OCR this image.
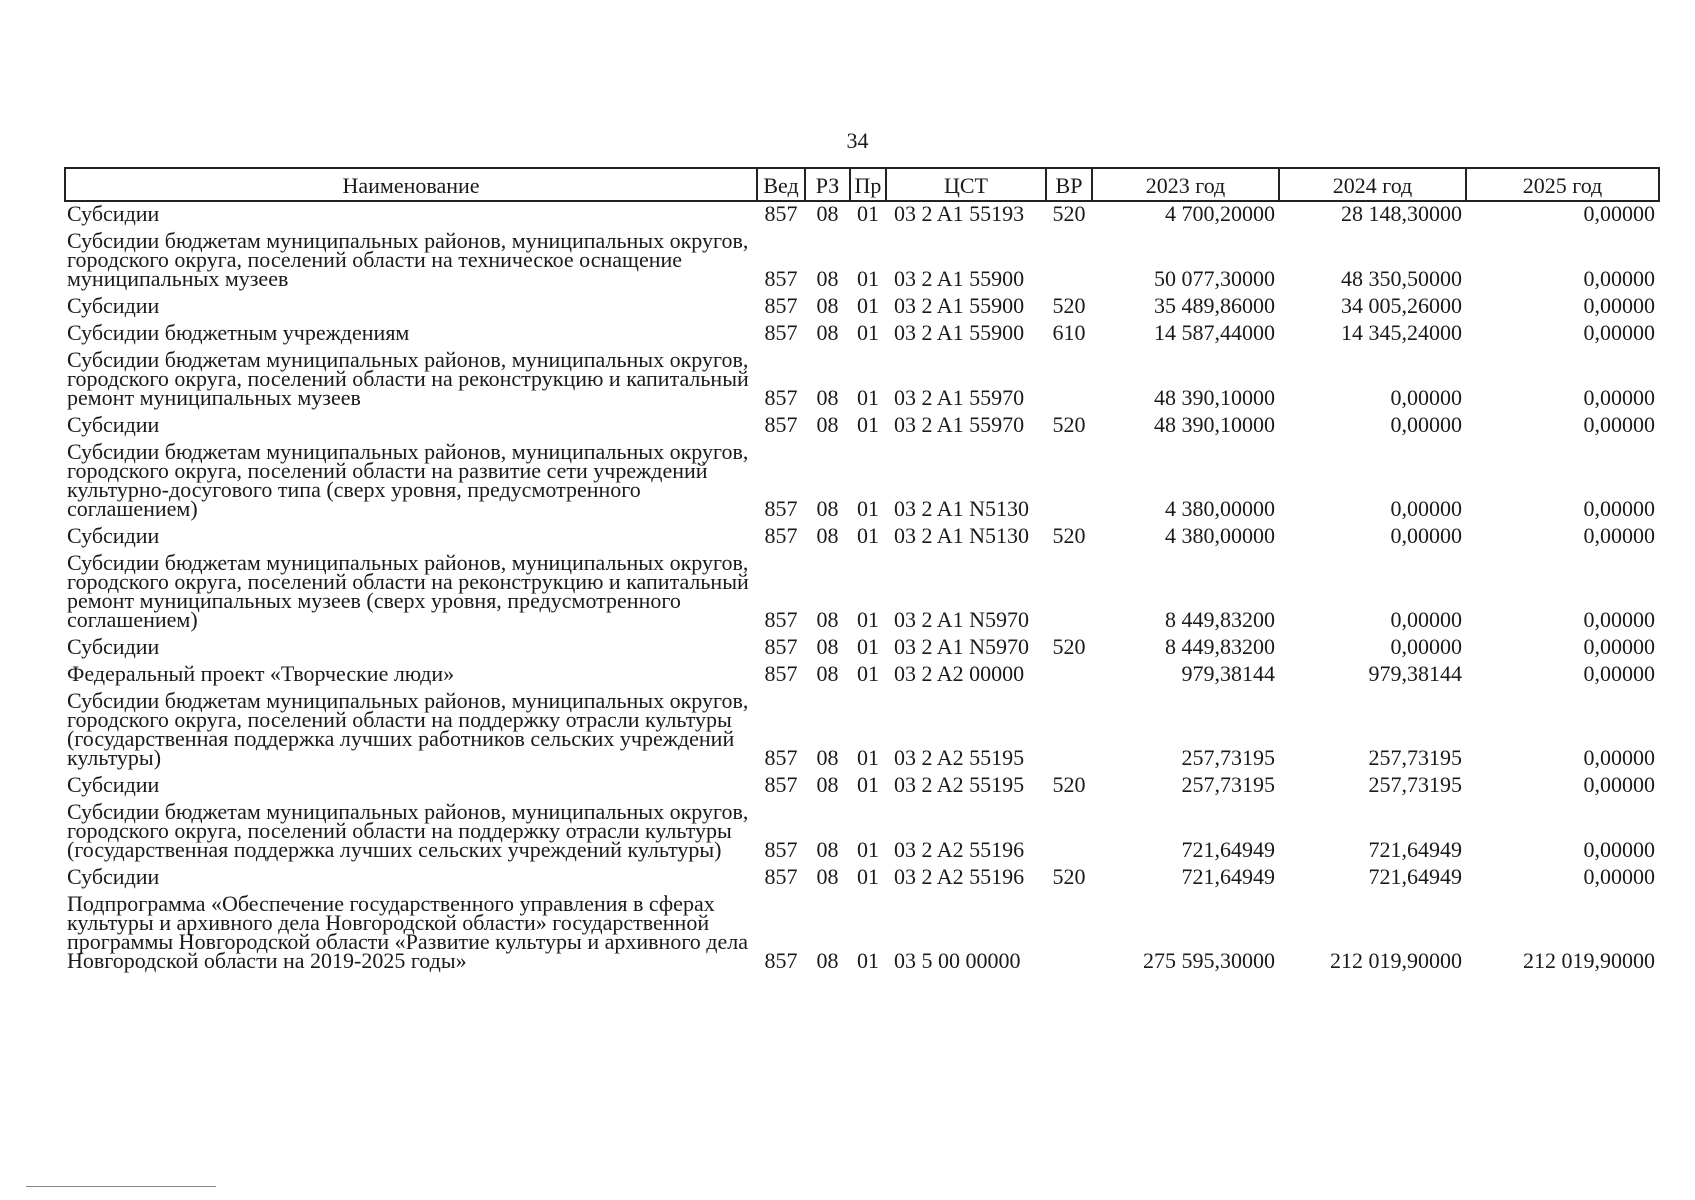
34
Наименование	Вед	РЗ	Пр	ЦСТ	ВР	2023 год	2024 год	2025 год
Субсидии	857	08	01	03 2 A1 55193	520	4 700,20000	28 148,30000	0,00000
Субсидии бюджетам муниципальных районов, муниципальных округов, городского округа, поселений области на техническое оснащение муниципальных музеев	857	08	01	03 2 A1 55900		50 077,30000	48 350,50000	0,00000
Субсидии	857	08	01	03 2 A1 55900	520	35 489,86000	34 005,26000	0,00000
Субсидии бюджетным учреждениям	857	08	01	03 2 A1 55900	610	14 587,44000	14 345,24000	0,00000
Субсидии бюджетам муниципальных районов, муниципальных округов, городского округа, поселений области на реконструкцию и капитальный ремонт муниципальных музеев	857	08	01	03 2 A1 55970		48 390,10000	0,00000	0,00000
Субсидии	857	08	01	03 2 A1 55970	520	48 390,10000	0,00000	0,00000
Субсидии бюджетам муниципальных районов, муниципальных округов, городского округа, поселений области на развитие сети учреждений культурно-досугового типа (сверх уровня, предусмотренного соглашением)	857	08	01	03 2 A1 N5130		4 380,00000	0,00000	0,00000
Субсидии	857	08	01	03 2 A1 N5130	520	4 380,00000	0,00000	0,00000
Субсидии бюджетам муниципальных районов, муниципальных округов, городского округа, поселений области на реконструкцию и капитальный ремонт муниципальных музеев (сверх уровня, предусмотренного соглашением)	857	08	01	03 2 A1 N5970		8 449,83200	0,00000	0,00000
Субсидии	857	08	01	03 2 A1 N5970	520	8 449,83200	0,00000	0,00000
Федеральный проект «Творческие люди»	857	08	01	03 2 A2 00000		979,38144	979,38144	0,00000
Субсидии бюджетам муниципальных районов, муниципальных округов, городского округа, поселений области на поддержку отрасли культуры (государственная поддержка лучших работников сельских учреждений культуры)	857	08	01	03 2 A2 55195		257,73195	257,73195	0,00000
Субсидии	857	08	01	03 2 A2 55195	520	257,73195	257,73195	0,00000
Субсидии бюджетам муниципальных районов, муниципальных округов, городского округа, поселений области на поддержку отрасли культуры (государственная поддержка лучших сельских учреждений культуры)	857	08	01	03 2 A2 55196		721,64949	721,64949	0,00000
Субсидии	857	08	01	03 2 A2 55196	520	721,64949	721,64949	0,00000
Подпрограмма «Обеспечение государственного управления в сферах культуры и архивного дела Новгородской области» государственной программы Новгородской области «Развитие культуры и архивного дела Новгородской области на 2019-2025 годы»	857	08	01	03 5 00 00000		275 595,30000	212 019,90000	212 019,90000
